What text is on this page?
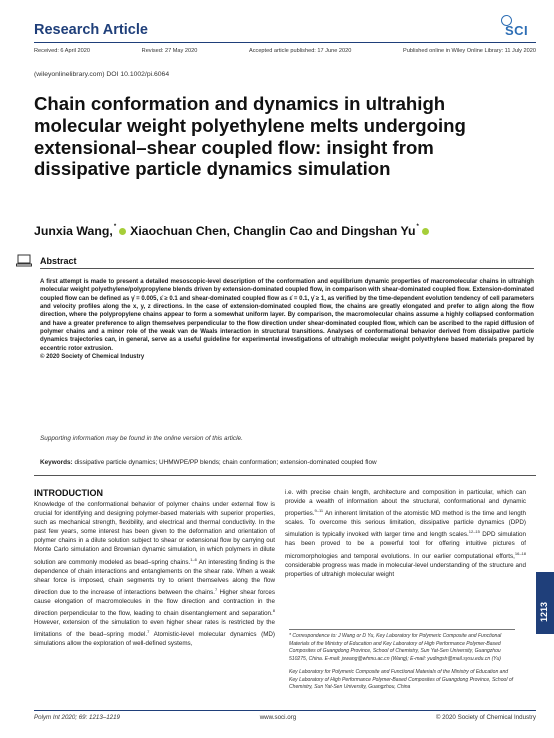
Research Article	SCI
Received: 6 April 2020	Revised: 27 May 2020	Accepted article published: 17 June 2020	Published online in Wiley Online Library: 11 July 2020
(wileyonlinelibrary.com) DOI 10.1002/pi.6064
Chain conformation and dynamics in ultrahigh molecular weight polyethylene melts undergoing extensional–shear coupled flow: insight from dissipative particle dynamics simulation
Junxia Wang,* Xiaochuan Chen, Changlin Cao and Dingshan Yu*
Abstract
A first attempt is made to present a detailed mesoscopic-level description of the conformation and equilibrium dynamic properties of macromolecular chains in ultrahigh molecular weight polyethylene/polypropylene blends driven by extension-dominated coupled flow, in comparison with shear-dominated coupled flow. Extension-dominated coupled flow can be defined as γ̇ = 0.005, ε̇ ≥ 0.1 and shear-dominated coupled flow as ε̇ = 0.1, γ̇ ≥ 1, as verified by the time-dependent evolution tendency of cell parameters and velocity profiles along the x, y, z directions. In the case of extension-dominated coupled flow, the chains are greatly elongated and prefer to align along the flow direction, where the polypropylene chains appear to form a somewhat uniform layer. By comparison, the macromolecular chains assume a highly collapsed conformation and have a greater preference to align themselves perpendicular to the flow direction under shear-dominated coupled flow, which can be ascribed to the rapid diffusion of polymer chains and a minor role of the weak van de Waals interaction in structural transitions. Analyses of conformational behavior derived from dissipative particle dynamics trajectories can, in general, serve as a useful guideline for experimental investigations of ultrahigh molecular weight polyethylene based materials prepared by eccentric rotor extrusion.
© 2020 Society of Chemical Industry
Supporting information may be found in the online version of this article.
Keywords: dissipative particle dynamics; UHMWPE/PP blends; chain conformation; extension-dominated coupled flow
INTRODUCTION
Knowledge of the conformational behavior of polymer chains under external flow is crucial for identifying and designing polymer-based materials with superior properties, such as mechanical strength, flexibility, and electrical and thermal conductivity. In the past few years, some interest has been given to the deformation and orientation of polymer chains in a dilute solution subject to shear or extensional flow by carrying out Monte Carlo simulation and Brownian dynamic simulation, in which polymers in dilute solution are commonly modeled as bead–spring chains.$^{1-6}$ An interesting finding is the dependence of chain interactions and entanglements on the shear rate. When a weak shear force is imposed, chain segments try to orient themselves along the flow direction due to the increase of interactions between the chains.$^7$ Higher shear forces cause elongation of macromolecules in the flow direction and contraction in the direction perpendicular to the flow, leading to chain disentanglement and separation.$^8$ However, extension of the simulation to even higher shear rates is restricted by the limitations of the bead–spring model.$^7$ Atomistic-level molecular dynamics (MD) simulations allow the exploration of well-defined systems,
i.e. with precise chain length, architecture and composition in particular, which can provide a wealth of information about the structural, conformational and dynamic properties.$^{9-11}$ An inherent limitation of the atomistic MD method is the time and length scales. To overcome this serious limitation, dissipative particle dynamics (DPD) simulation is typically invoked with larger time and length scales.$^{12-15}$ DPD simulation has been proved to be a powerful tool for offering intuitive pictures of micromorphologies and temporal evolutions. In our earlier computational efforts,$^{16-18}$ considerable progress was made in molecular-level understanding of the structure and properties of ultrahigh molecular weight
* Correspondence to: J Wang or D Yu, Key Laboratory for Polymeric Composite and Functional Materials of the Ministry of Education and Key Laboratory of High Performance Polymer-Based Composites of Guangdong Province, School of Chemistry, Sun Yat-Sen University, Guangzhou 510275, China. E-mail: jxwang@whmu.ac.cn (Wang); E-mail: yudingsh@mail.sysu.edu.cn (Yu)
Key Laboratory for Polymeric Composite and Functional Materials of the Ministry of Education and Key Laboratory of High Performance Polymer-Based Composites of Guangdong Province, School of Chemistry, Sun Yat-Sen University, Guangzhou, China
1213
Polym Int 2020; 69: 1213–1219	www.soci.org	© 2020 Society of Chemical Industry
